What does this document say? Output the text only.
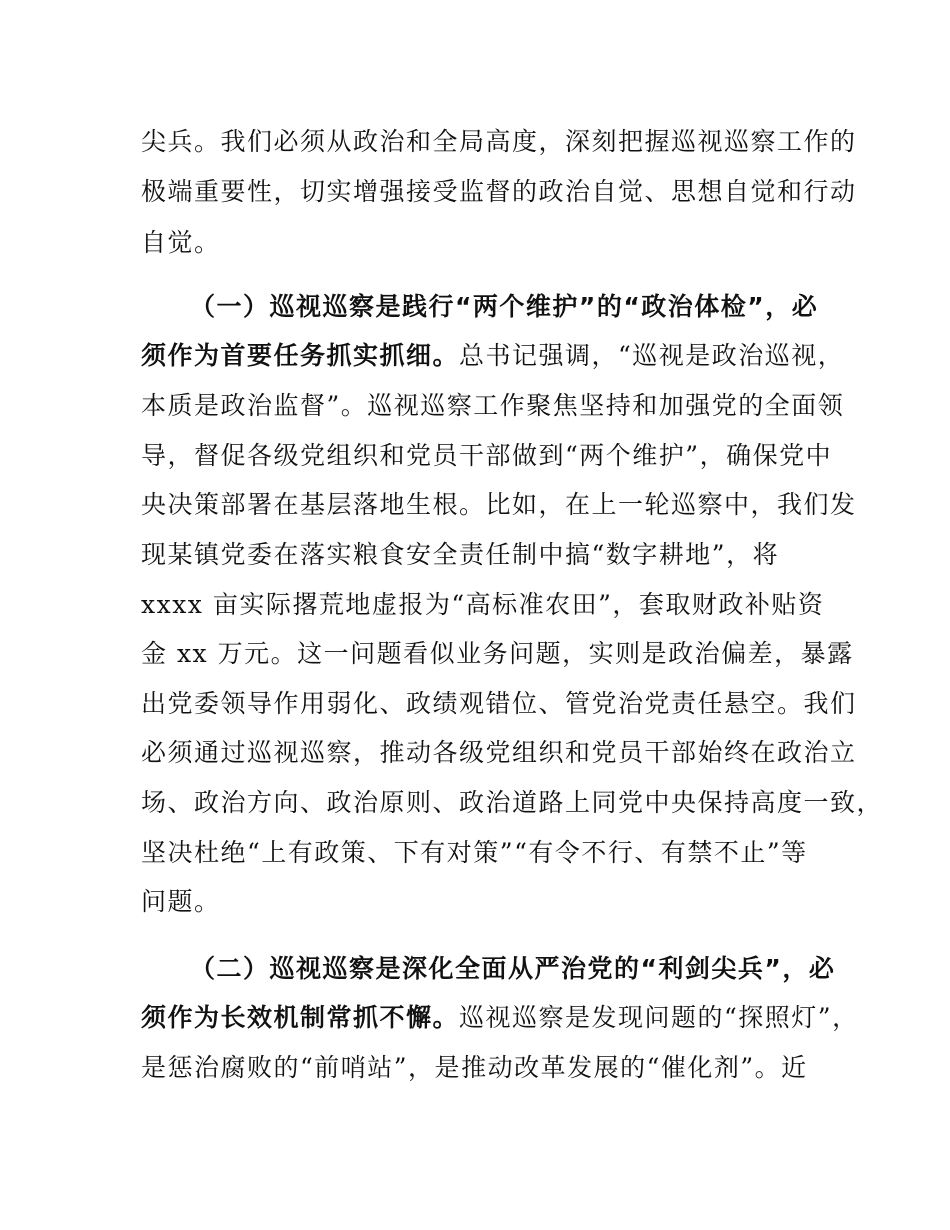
尖兵。我们必须从政治和全局高度，深刻把握巡视巡察工作的
极端重要性，切实增强接受监督的政治自觉、思想自觉和行动
自觉。
（一）巡视巡察是践行“两个维护”的“政治体检”，必
须作为首要任务抓实抓细。总书记强调，“巡视是政治巡视，
本质是政治监督”。巡视巡察工作聚焦坚持和加强党的全面领
导，督促各级党组织和党员干部做到“两个维护”，确保党中
央决策部署在基层落地生根。比如，在上一轮巡察中，我们发
现某镇党委在落实粮食安全责任制中搞“数字耕地”，将
xxxx 亩实际撂荒地虚报为“高标准农田”，套取财政补贴资
金 xx 万元。这一问题看似业务问题，实则是政治偏差，暴露
出党委领导作用弱化、政绩观错位、管党治党责任悬空。我们
必须通过巡视巡察，推动各级党组织和党员干部始终在政治立
场、政治方向、政治原则、政治道路上同党中央保持高度一致，
坚决杜绝“上有政策、下有对策”“有令不行、有禁不止”等
问题。
（二）巡视巡察是深化全面从严治党的“利剑尖兵”，必
须作为长效机制常抓不懈。巡视巡察是发现问题的“探照灯”，
是惩治腐败的“前哨站”，是推动改革发展的“催化剂”。近
